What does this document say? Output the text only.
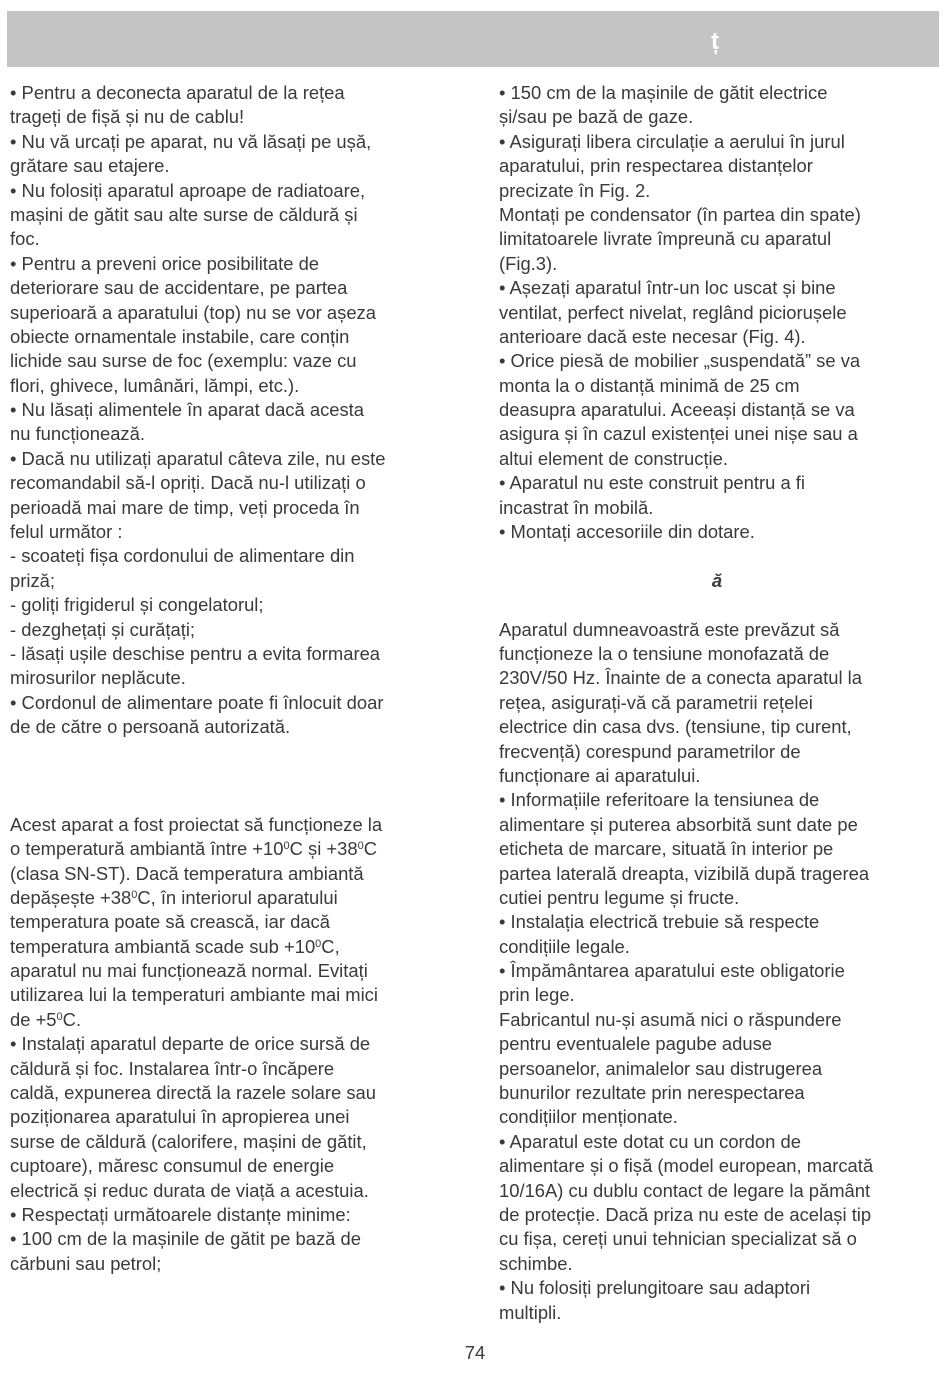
ț
• Pentru a deconecta aparatul de la rețea
trageți de fișă și nu de cablu!
• Nu vă urcați pe aparat, nu vă lăsați pe ușă,
grătare sau etajere.
• Nu folosiți aparatul aproape de radiatoare,
mașini de gătit sau alte surse de căldură și
foc.
• Pentru a preveni orice posibilitate de
deteriorare sau de accidentare, pe partea
superioară a aparatului (top) nu se vor așeza
obiecte ornamentale instabile, care conțin
lichide sau surse de foc (exemplu: vaze cu
flori, ghivece, lumânări, lămpi, etc.).
• Nu lăsați alimentele în aparat dacă acesta
nu funcționează.
• Dacă nu utilizați aparatul câteva zile, nu este
recomandabil să-l opriți. Dacă nu-l utilizați o
perioadă mai mare de timp, veți proceda în
felul următor :
- scoateți fișa cordonului de alimentare din
priză;
- goliți frigiderul și congelatorul;
- dezghețați și curățați;
- lăsați ușile deschise pentru a evita formarea
mirosurilor neplăcute.
• Cordonul de alimentare poate fi înlocuit doar
de de către o persoană autorizată.
Acest aparat a fost proiectat să funcționeze la
o temperatură ambiantă între $+10^0C$ și $+38^0C$
(clasa SN-ST). Dacă temperatura ambiantă
depășește $+38^0C$, în interiorul aparatului
temperatura poate să crească, iar dacă
temperatura ambiantă scade sub $+10^0C$,
aparatul nu mai funcționează normal. Evitați
utilizarea lui la temperaturi ambiante mai mici
de $+5^0C$.
• Instalați aparatul departe de orice sursă de
căldură și foc. Instalarea într-o încăpere
caldă, expunerea directă la razele solare sau
poziționarea aparatului în apropierea unei
surse de căldură (calorifere, mașini de gătit,
cuptoare), măresc consumul de energie
electrică și reduc durata de viață a acestuia.
• Respectați următoarele distanțe minime:
• 100 cm de la mașinile de gătit pe bază de
cărbuni sau petrol;
• 150 cm de la mașinile de gătit electrice
și/sau pe bază de gaze.
• Asigurați libera circulație a aerului în jurul
aparatului, prin respectarea distanțelor
precizate în Fig. 2.
Montați pe condensator (în partea din spate)
limitatoarele livrate împreună cu aparatul
(Fig.3).
• Așezați aparatul într-un loc uscat și bine
ventilat, perfect nivelat, reglând piciorușele
anterioare dacă este necesar (Fig. 4).
• Orice piesă de mobilier „suspendată” se va
monta la o distanță minimă de 25 cm
deasupra aparatului. Aceeași distanță se va
asigura și în cazul existenței unei nișe sau a
altui element de construcție.
• Aparatul nu este construit pentru a fi
incastrat în mobilă.
• Montați accesoriile din dotare.
ă
Aparatul dumneavoastră este prevăzut să
funcționeze la o tensiune monofazată de
230V/50 Hz. Înainte de a conecta aparatul la
rețea, asigurați-vă că parametrii rețelei
electrice din casa dvs. (tensiune, tip curent,
frecvență) corespund parametrilor de
funcționare ai aparatului.
• Informațiile referitoare la tensiunea de
alimentare și puterea absorbită sunt date pe
eticheta de marcare, situată în interior pe
partea laterală dreapta, vizibilă după tragerea
cutiei pentru legume și fructe.
• Instalația electrică trebuie să respecte
condițiile legale.
• Împământarea aparatului este obligatorie
prin lege.
Fabricantul nu-și asumă nici o răspundere
pentru eventualele pagube aduse
persoanelor, animalelor sau distrugerea
bunurilor rezultate prin nerespectarea
condițiilor menționate.
• Aparatul este dotat cu un cordon de
alimentare și o fișă (model european, marcată
10/16A) cu dublu contact de legare la pământ
de protecție. Dacă priza nu este de același tip
cu fișa, cereți unui tehnician specializat să o
schimbe.
• Nu folosiți prelungitoare sau adaptori
multipli.
74
